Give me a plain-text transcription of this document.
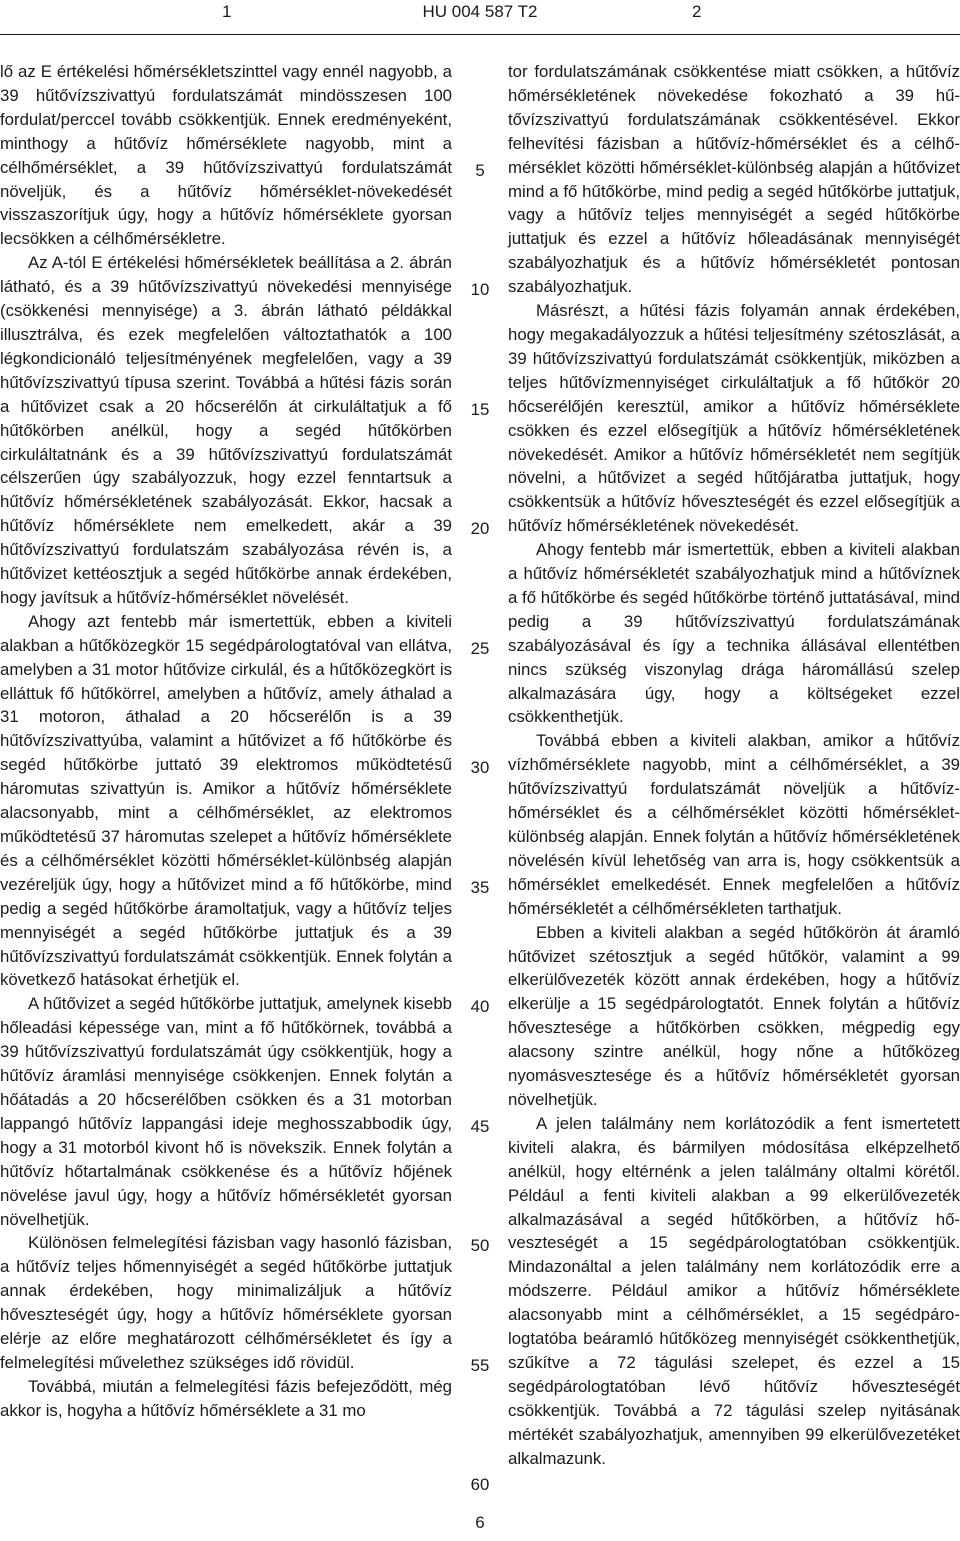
1	HU 004 587 T2	2

lő az E értékelési hőmérsékletszinttel vagy ennél nagyobb, a 39 hűtővízszivattyú fordulatszámát mindösszesen 100 fordulat/perccel tovább csökkentjük. Ennek eredményeként, minthogy a hűtővíz hőmérséklete nagyobb, mint a célhőmérséklet, a 39 hűtővízszivattyú fordulatszámát növeljük, és a hűtővíz hőmérséklet-növekedését visszaszorítjuk úgy, hogy a hűtővíz hőmérséklete gyorsan lecsökken a célhőmérsékletre.

Az A-tól E értékelési hőmérsékletek beállítása a 2. ábrán látható, és a 39 hűtővízszivattyú növekedési mennyisége (csökkenési mennyisége) a 3. ábrán látható példákkal illusztrálva, és ezek megfelelően változtathatók a 100 légkondicionáló teljesítményének megfelelően, vagy a 39 hűtővízszivattyú típusa szerint. Továbbá a hűtési fázis során a hűtővizet csak a 20 hőcserélőn át cirkuláltatjuk a fő hűtőkörben anélkül, hogy a segéd hűtőkörben cirkuláltatnánk és a 39 hűtővízszivattyú fordulatszámát célszerűen úgy szabályozzuk, hogy ezzel fenntartsuk a hűtővíz hőmérsékletének szabályozását. Ekkor, hacsak a hűtővíz hőmérséklete nem emelkedett, akár a 39 hűtővízszivattyú fordulatszám szabályozása révén is, a hűtővizet kettéosztjuk a segéd hűtőkörbe annak érdekében, hogy javítsuk a hűtővíz-hőmérséklet növelését.

Ahogy azt fentebb már ismertettük, ebben a kiviteli alakban a hűtőközegkör 15 segédpárologtatóval van ellátva, amelyben a 31 motor hűtővize cirkulál, és a hűtőközegkört is elláttuk fő hűtőkörrel, amelyben a hűtővíz, amely áthalad a 31 motoron, áthalad a 20 hőcserélőn is a 39 hűtővízszivattyúba, valamint a hűtővizet a fő hűtőkörbe és segéd hűtőkörbe juttató 39 elektromos működtetésű háromutas szivattyún is. Amikor a hűtővíz hőmérséklete alacsonyabb, mint a célhőmérséklet, az elektromos működtetésű 37 háromutas szelepet a hűtővíz hőmérséklete és a célhőmérséklet közötti hőmérséklet-különbség alapján vezéreljük úgy, hogy a hűtővizet mind a fő hűtőkörbe, mind pedig a segéd hűtőkörbe áramoltatjuk, vagy a hűtővíz teljes mennyiségét a segéd hűtőkörbe juttatjuk és a 39 hűtővízszivattyú fordulatszámát csökkentjük. Ennek folytán a következő hatásokat érhetjük el.

A hűtővizet a segéd hűtőkörbe juttatjuk, amelynek kisebb hőleadási képessége van, mint a fő hűtőkörnek, továbbá a 39 hűtővízszivattyú fordulatszámát úgy csökkentjük, hogy a hűtővíz áramlási mennyisége csökkenjen. Ennek folytán a hőátadás a 20 hőcserélőben csökken és a 31 motorban lappangó hűtővíz lappangási ideje meghosszabbodik úgy, hogy a 31 motorból kivont hő is növekszik. Ennek folytán a hűtővíz hőtartalmának csökkenése és a hűtővíz hőjének növelése javul úgy, hogy a hűtővíz hőmérsékletét gyorsan növelhetjük.

Különösen felmelegítési fázisban vagy hasonló fázisban, a hűtővíz teljes hőmennyiségét a segéd hűtőkörbe juttatjuk annak érdekében, hogy minimalizáljuk a hűtővíz hőveszteségét úgy, hogy a hűtővíz hőmérséklete gyorsan elérje az előre meghatározott célhőmérsékletet és így a felmelegítési művelethez szükséges idő rövidül.

Továbbá, miután a felmelegítési fázis befejeződött, még akkor is, hogyha a hűtővíz hőmérséklete a 31 mo

5
10
15
20
25
30
35
40
45
50
55
60

tor fordulatszámának csökkentése miatt csökken, a hűtővíz hőmérsékletének növekedése fokozható a 39 hűtővízszivattyú fordulatszámának csökkentésével. Ekkor felhevítési fázisban a hűtővíz-hőmérséklet és a célhőmérséklet közötti hőmérséklet-különbség alapján a hűtővizet mind a fő hűtőkörbe, mind pedig a segéd hűtőkörbe juttatjuk, vagy a hűtővíz teljes mennyiségét a segéd hűtőkörbe juttatjuk és ezzel a hűtővíz hőleadásának mennyiségét szabályozhatjuk és a hűtővíz hőmérsékletét pontosan szabályozhatjuk.

Másrészt, a hűtési fázis folyamán annak érdekében, hogy megakadályozzuk a hűtési teljesítmény szétoszlását, a 39 hűtővízszivattyú fordulatszámát csökkentjük, miközben a teljes hűtővízmennyiséget cirkuláltatjuk a fő hűtőkör 20 hőcserélőjén keresztül, amikor a hűtővíz hőmérséklete csökken és ezzel elősegítjük a hűtővíz hőmérsékletének növekedését. Amikor a hűtővíz hőmérsékletét nem segítjük növelni, a hűtővizet a segéd hűtőjáratba juttatjuk, hogy csökkentsük a hűtővíz hőveszteségét és ezzel elősegítjük a hűtővíz hőmérsékletének növekedését.

Ahogy fentebb már ismertettük, ebben a kiviteli alakban a hűtővíz hőmérsékletét szabályozhatjuk mind a hűtővíznek a fő hűtőkörbe és segéd hűtőkörbe történő juttatásával, mind pedig a 39 hűtővízszivattyú fordulatszámának szabályozásával és így a technika állásával ellentétben nincs szükség viszonylag drága háromállású szelep alkalmazására úgy, hogy a költségeket ezzel csökkenthetjük.

Továbbá ebben a kiviteli alakban, amikor a hűtővíz vízhőmérséklete nagyobb, mint a célhőmérséklet, a 39 hűtővízszivattyú fordulatszámát növeljük a hűtővíz-hőmérséklet és a célhőmérséklet közötti hőmérséklet-különbség alapján. Ennek folytán a hűtővíz hőmérsékletének növelésén kívül lehetőség van arra is, hogy csökkentsük a hőmérséklet emelkedését. Ennek megfelelően a hűtővíz hőmérsékletét a célhőmérsékleten tarthatjuk.

Ebben a kiviteli alakban a segéd hűtőkörön át áramló hűtővizet szétosztjuk a segéd hűtőkör, valamint a 99 elkerülővezeték között annak érdekében, hogy a hűtővíz elkerülje a 15 segédpárologtatót. Ennek folytán a hűtővíz hővesztesége a hűtőkörben csökken, mégpedig egy alacsony szintre anélkül, hogy nőne a hűtőközeg nyomásvesztesége és a hűtővíz hőmérsékletét gyorsan növelhetjük.

A jelen találmány nem korlátozódik a fent ismertetett kiviteli alakra, és bármilyen módosítása elképzelhető anélkül, hogy eltérnénk a jelen találmány oltalmi körétől. Például a fenti kiviteli alakban a 99 elkerülővezeték alkalmazásával a segéd hűtőkörben, a hűtővíz hőveszteségét a 15 segédpárologtatóban csökkentjük. Mindazonáltal a jelen találmány nem korlátozódik erre a módszerre. Például amikor a hűtővíz hőmérséklete alacsonyabb mint a célhőmérséklet, a 15 segédpárologtatóba beáramló hűtőközeg mennyiségét csökkenthetjük, szűkítve a 72 tágulási szelepet, és ezzel a 15 segédpárologtatóban lévő hűtővíz hőveszteségét csökkentjük. Továbbá a 72 tágulási szelep nyitásának mértékét szabályozhatjuk, amennyiben 99 elkerülővezetéket alkalmazunk.

6
